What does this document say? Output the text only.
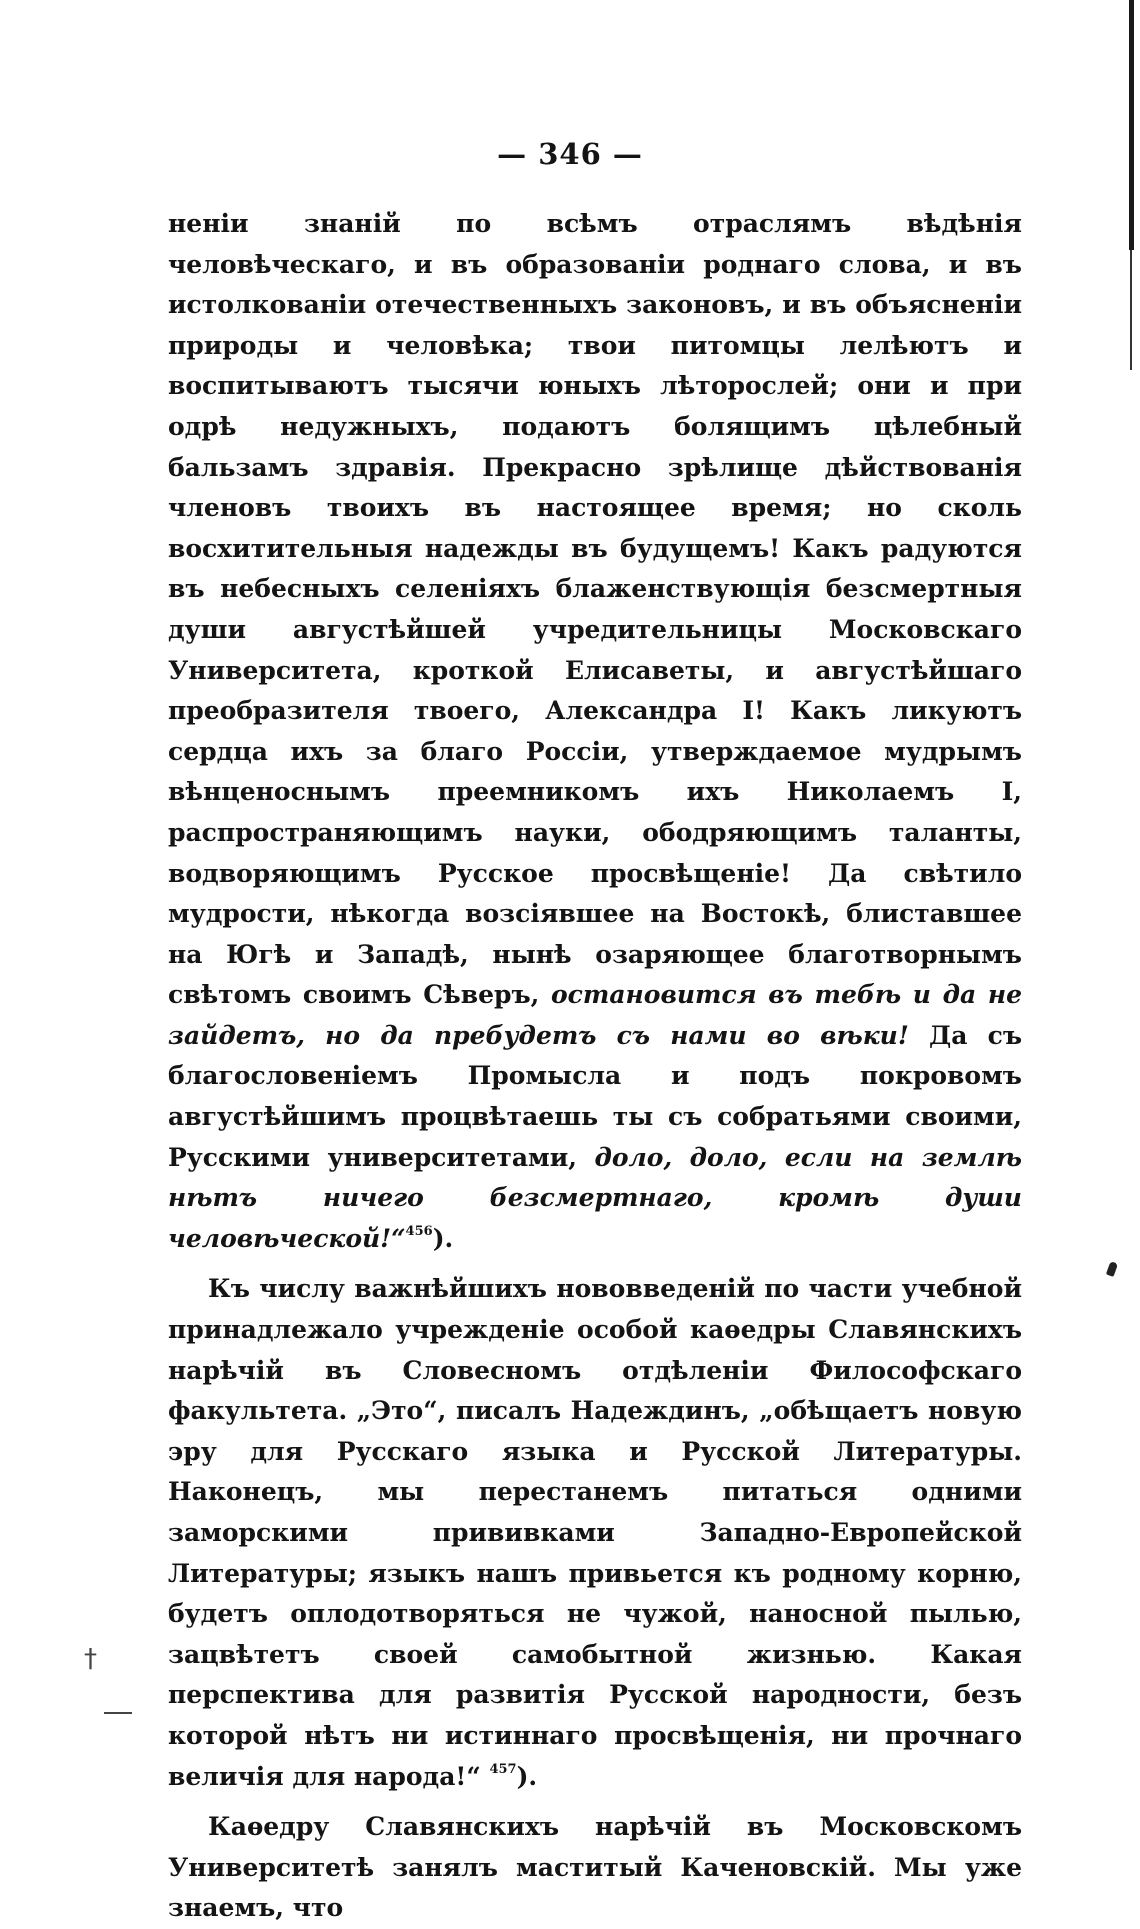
†
— 346 —

неніи знаній по всѣмъ отраслямъ вѣдѣнія человѣческаго, и въ образованіи роднаго слова, и въ истолкованіи отечественныхъ законовъ, и въ объясненіи природы и человѣка; твои питомцы лелѣютъ и воспитываютъ тысячи юныхъ лѣторослей; они и при одрѣ недужныхъ, подаютъ болящимъ цѣлебный бальзамъ здравія. Прекрасно зрѣлище дѣйствованія членовъ твоихъ въ настоящее время; но сколь восхитительныя надежды въ будущемъ! Какъ радуются въ небесныхъ селеніяхъ блаженствующія безсмертныя души августѣйшей учредительницы Московскаго Университета, кроткой Елисаветы, и августѣйшаго преобразителя твоего, Александра I! Какъ ликуютъ сердца ихъ за благо Россіи, утверждаемое мудрымъ вѣнценоснымъ преемникомъ ихъ Николаемъ I, распространяющимъ науки, ободряющимъ таланты, водворяющимъ Русское просвѣщеніе! Да свѣтило мудрости, нѣкогда возсіявшее на Востокѣ, блиставшее на Югѣ и Западѣ, нынѣ озаряющее благотворнымъ свѣтомъ своимъ Сѣверъ, остановится въ тебѣ и да не зайдетъ, но да пребудетъ съ нами во вѣки! Да съ благословеніемъ Промысла и подъ покровомъ августѣйшимъ процвѣтаешь ты съ собратьями своими, Русскими университетами, доло, доло, если на землѣ нѣтъ ничего безсмертнаго, кромѣ души человѣческой!“$^{456}$).

Къ числу важнѣйшихъ нововведеній по части учебной принадлежало учрежденіе особой каѳедры Славянскихъ нарѣчій въ Словесномъ отдѣленіи Философскаго факультета. „Это“, писалъ Надеждинъ, „обѣщаетъ новую эру для Русскаго языка и Русской Литературы. Наконецъ, мы перестанемъ питаться одними заморскими прививками Западно-Европейской Литературы; языкъ нашъ привьется къ родному корню, будетъ оплодотворяться не чужой, наносной пылью, зацвѣтетъ своей самобытной жизнью. Какая перспектива для развитія Русской народности, безъ которой нѣтъ ни истиннаго просвѣщенія, ни прочнаго величія для народа!“ $^{457}$).

Каѳедру Славянскихъ нарѣчій въ Московскомъ Университетѣ занялъ маститый Каченовскій. Мы уже знаемъ, что
